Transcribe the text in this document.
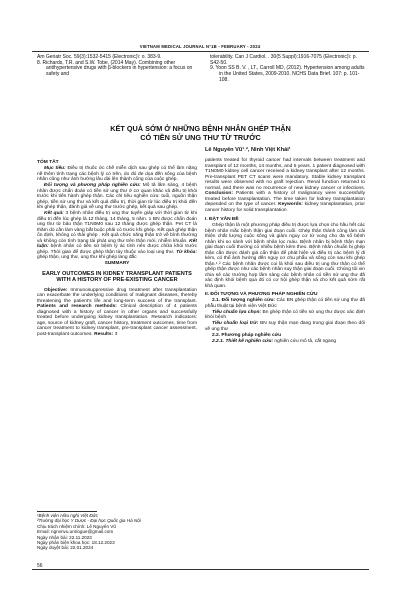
VIETNAM MEDICAL JOURNAL N°1B - FEBRUARY - 2024

Am Geriatr Soc. 59(3):1532-5415 (Electronic)\: o. 383-9.

8. Richards, T.R. and S.W. Tobe, (2014 May). Combining other antihypertensive drugs with β-blockers in hypertension: a focus on safety and

tolerability. Can J Cardiol. . 30(5 Suppl):1916-7075 (Electronic)\: p. S42-50.

9. Yoon SS B. V. , LT., Carroll MD, (2012). Hypertension among adults in the United States, 2009-2010. NCHS Data Brief. 107: p. 101-108.

KẾT QUẢ SỚM Ở NHỮNG BỆNH NHÂN GHÉP THẬN
CÓ TIỀN SỬ UNG THƯ TỪ TRƯỚC
Lê Nguyên Vũ¹˒², Ninh Việt Khải¹

TÓM TẮT

Mục tiêu: Điều trị thuốc ức chế miễn dịch sau ghép có thể làm nặng nề thêm tình trạng các bệnh lý có trên, do đó đe dọa đến sống của bệnh nhân cũng như ảnh hưởng lâu dài lên thành công của cuộc ghép.

Đối tượng và phương pháp nghiên cứu: Mô tả lâm sàng, 4 bệnh nhân được chẩn đoán có tiền sử ung thư ở cơ quan khác và điều trị khỏi trước khi tiến hành ghép thận. Các chỉ tiêu nghiên cứu: tuổi, nguồn thận ghép, tiền sử ung thư và kết quả điều trị, thời gian từ lúc điều trị khỏi đến khi ghép thận, đánh giá về ung thư trước ghép, kết quả sau ghép.

Kết quả: 3 bệnh nhân điều trị ung thư tuyến giáp với thời gian từ khi điều trị đến lúc ghép là 12 tháng, 14 tháng, 5 năm. 1 BN được chẩn đoán ung thư từ bảo thận T1N0M0 sau 12 tháng được ghép thận. Pet CT là thăm dò cần làm vàng bắt buộc phải có trước khi ghép. Kết quả ghép thận ổn định, không có thải ghép . Kết quả chức năng thận trở về bình thường và không còn tình trạng tái phát ung thư trên thận mới, nhiễm khuẩn. Kết luận: bệnh nhân có tiền sử bệnh lý ác tính nên được chữa khỏi trước ghép. Thời gian để được ghép thận tùy thuộc vào loại ung thư. Từ khóa: ghép thận, ung thư, ung thư khi ghép lang đắc

SUMMARY

EARLY OUTCOMES IN KIDNEY TRANSPLANT PATIENTS WITH A HISTORY OF PRE-EXISTING CANCER

Objective: Immunosuppressive drug treatment after transplantation can exacerbate the underlying conditions of malignant diseases, thereby threatening the patient's life and long-term success of the transplant. Patients and research methods: Clinical description of 4 patients diagnosed with a history of cancer in other organs and successfully treated before undergoing kidney transplantation. Research indicators: age, source of kidney graft, cancer history, treatment outcomes, time from cancer treatment to kidney transplant, pre-transplant cancer assessment, post-transplant outcomes. Results: 3

patients treated for thyroid cancer had intervals between treatment and transplant of 12 months, 14 months, and 5 years. 1 patient diagnosed with T1N0M0 kidney cell cancer received a kidney transplant after 12 months. Pre-transplant PET CT scans were mandatory. Stable kidney transplant results were observed with no graft rejection. Renal function returned to normal, and there was no recurrence of new kidney cancer or infections. Conclusion: Patients with a history of malignancy were successfully treated before transplantation. The time taken for kidney transplantation depended on the type of cancer. Keywords: kidney transplantation, prior cancer history for solid transplantation

I. ĐẶT VẤN ĐỀ

Ghép thận là một phương pháp điều trị được lựa chọn cho hầu hết các bệnh nhân mắc bệnh thận giai đoạn cuối. Ghép thận thành công làm cải thiện chất lượng cuộc sống và giảm nguy cơ tử vong cho đa số bệnh nhân khi so sánh với bệnh nhân lọc máu. Bệnh nhân bị bệnh thận mạn giai đoạn cuối thường có nhiều bệnh kèm theo. Bệnh nhân chuẩn bị ghép thận cần được đánh giá cẩn thận để phát hiện và điều trị các bệnh lý đi kèm, có thể ảnh hưởng đến nguy cơ chu phẫu và sống còn sau khi ghép thận.¹˒² Các bệnh nhân được coi là khỏi sau điều trị ung thư thận có thể ghép thận được như các bệnh nhân suy thận giai đoạn cuối. Chúng tôi xin chia sẻ các trường hợp lâm sàng các bệnh nhân có tiền sử ung thư đã xác định khỏi bệnh qua đó có cơ hội ghép thận và cho kết quả sớm rất khả quan.

II. ĐỐI TƯỢNG VÀ PHƯƠNG PHÁP NGHIÊN CỨU

2.1. Đối tượng nghiên cứu: Các BN ghép thận có tiền sử ung thư đã phẫu thuật tại bệnh viện Việt Đức

Tiêu chuẩn lựa chọn: Bn ghép thận có tiền sử ung thư được xác định khỏi bệnh

Tiêu chuẩn loại trừ: BN suy thận mạn đang trong giai đoạn theo dõi về ung thư

2.2. Phương pháp nghiên cứu

2.2.1. Thiết kế nghiên cứu: nghiên cứu mô tả, cắt ngang

¹Bệnh viện Hữu nghị Việt Đức

²Trường đại học Y Dược - Đại học Quốc gia Hà Nội

Chịu trách nhiệm chính: Lê Nguyên Vũ

Email: ngnvnvu.urologue@gmail.com

Ngày nhận bài: 22.11.2023

Ngày phản biện khoa học: 18.12.2023

Ngày duyệt bài: 22.01.2024

56
